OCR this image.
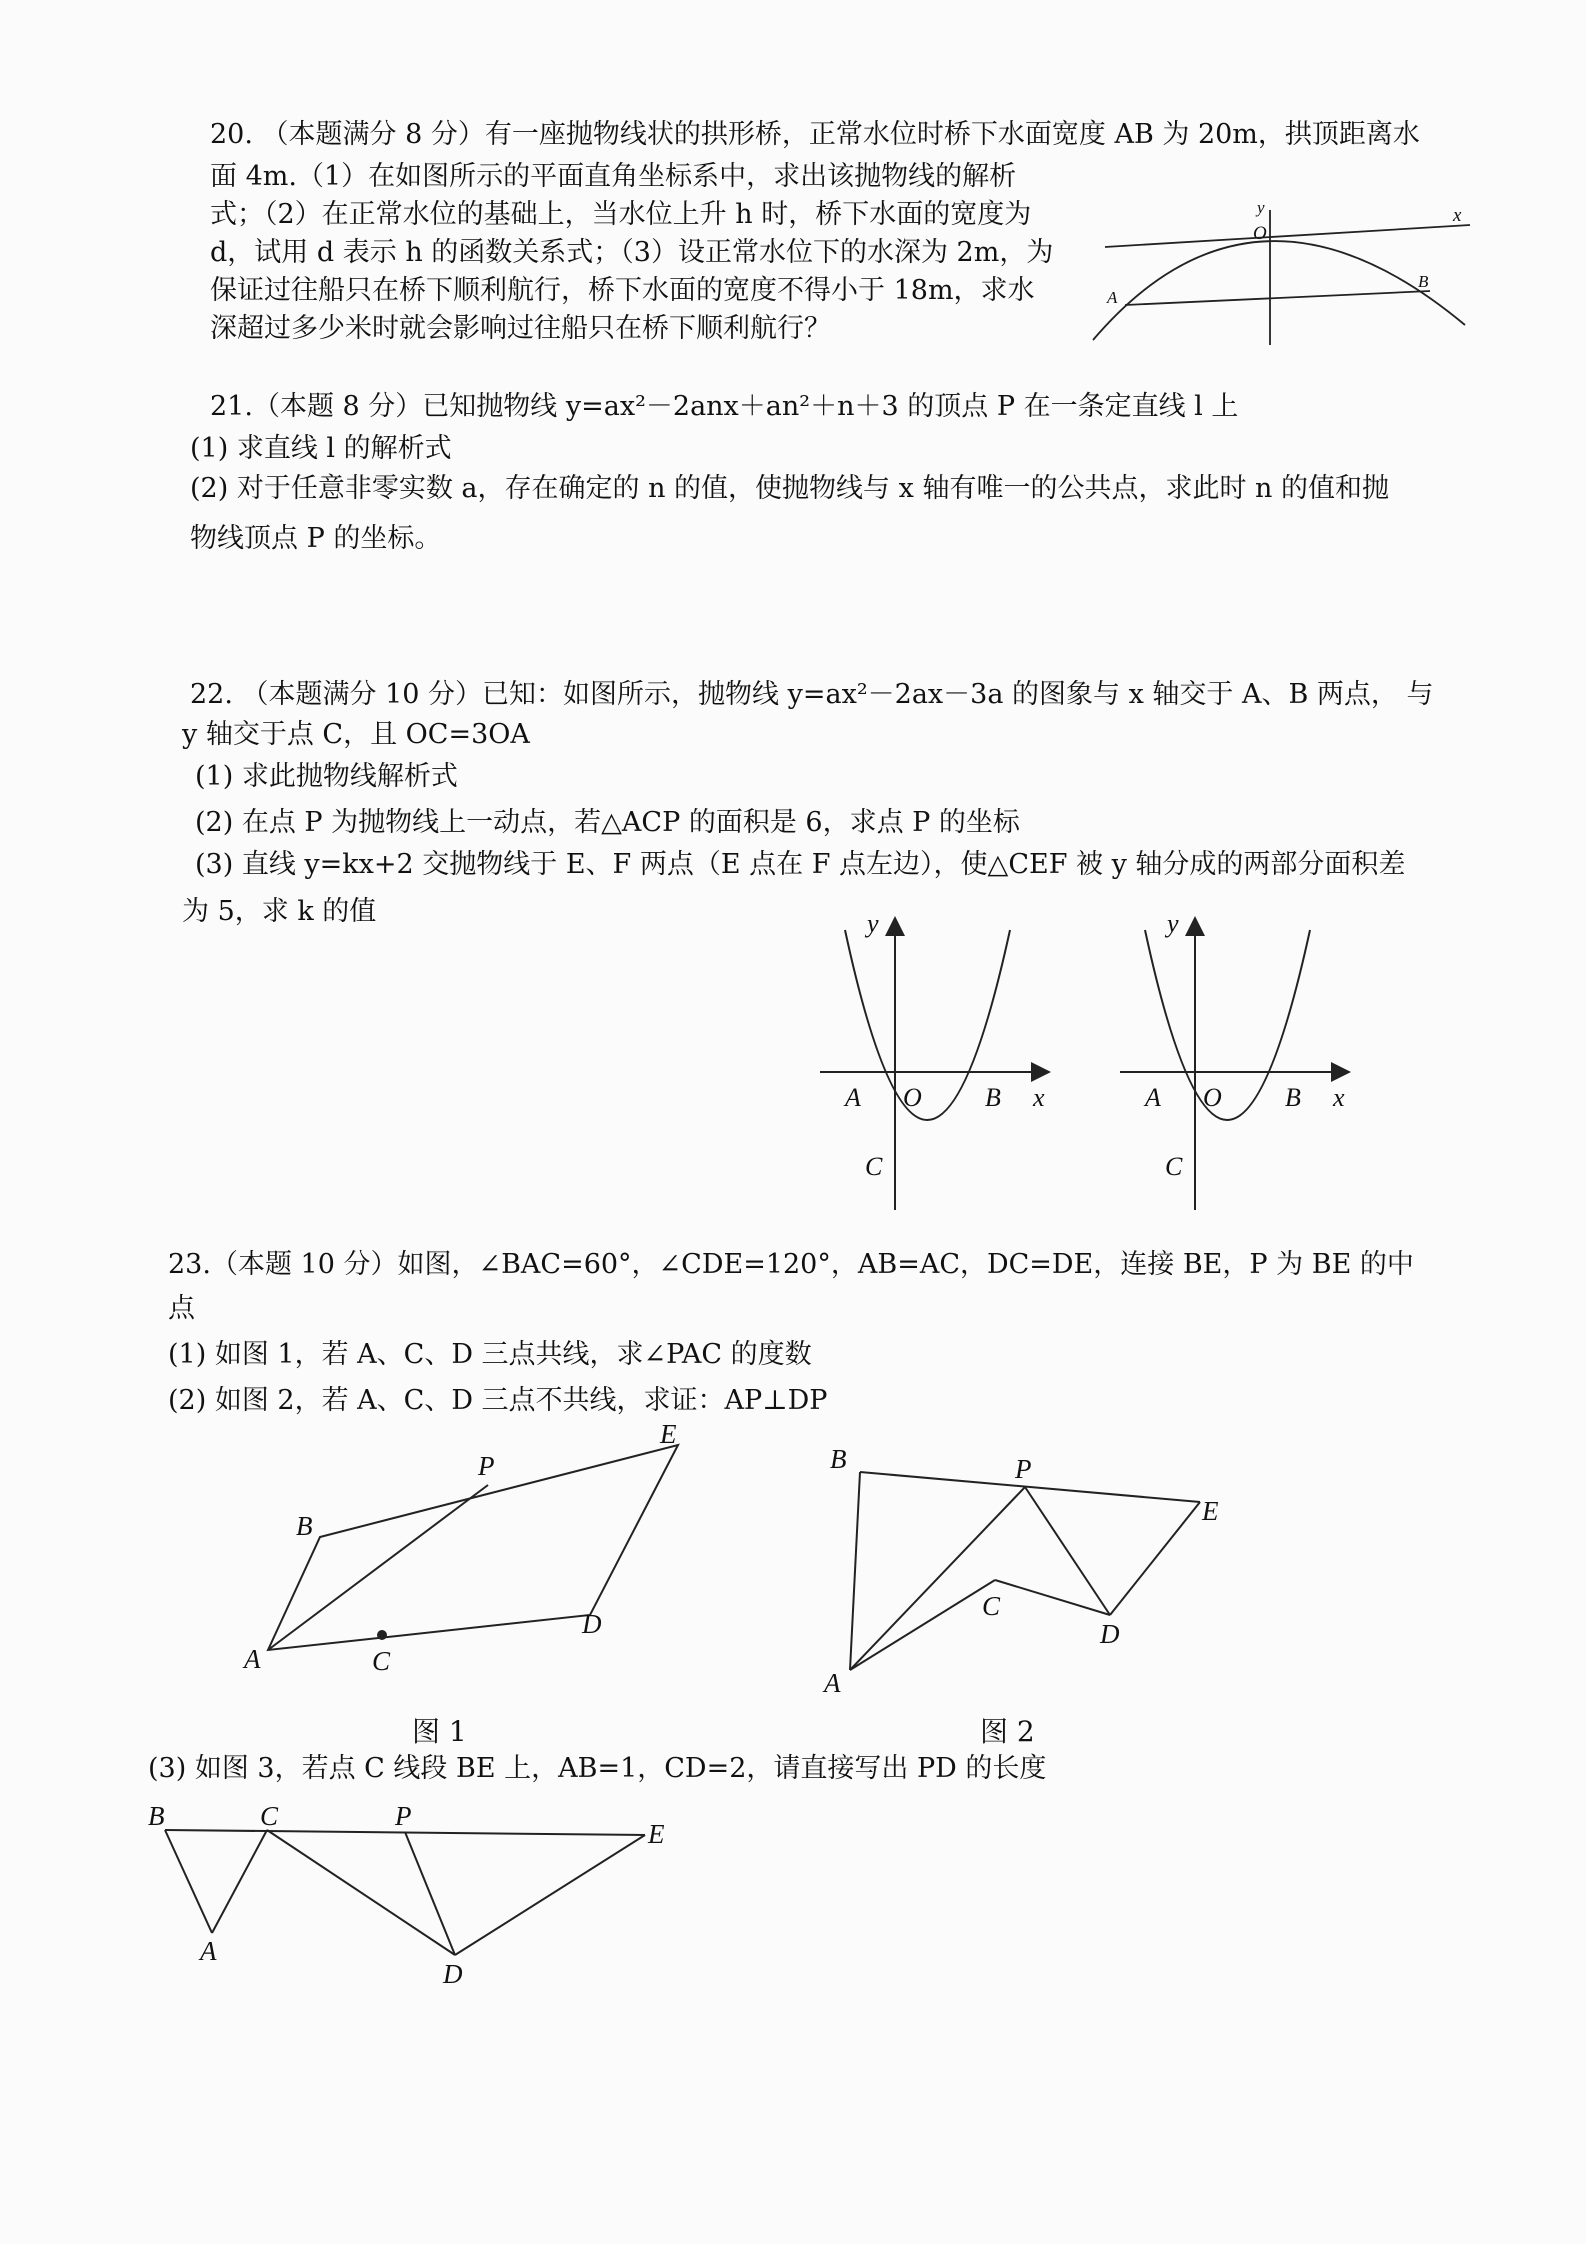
20. （本题满分 8 分）有一座抛物线状的拱形桥，正常水位时桥下水面宽度 AB 为 20m，拱顶距离水
面 4m.（1）在如图所示的平面直角坐标系中，求出该抛物线的解析
式；（2）在正常水位的基础上，当水位上升 h 时，桥下水面的宽度为
d，试用 d 表示 h 的函数关系式；（3）设正常水位下的水深为 2m，为
保证过往船只在桥下顺利航行，桥下水面的宽度不得小于 18m，求水
深超过多少米时就会影响过往船只在桥下顺利航行？
y
O
x
A
B
21.（本题 8 分）已知抛物线 y=ax²－2anx＋an²＋n＋3 的顶点 P 在一条定直线 l 上
(1) 求直线 l 的解析式
(2) 对于任意非零实数 a，存在确定的 n 的值，使抛物线与 x 轴有唯一的公共点，求此时 n 的值和抛
物线顶点 P 的坐标。
22. （本题满分 10 分）已知：如图所示，抛物线 y=ax²－2ax－3a 的图象与 x 轴交于 A、B 两点， 与
y 轴交于点 C，且 OC=3OA
(1) 求此抛物线解析式
(2) 在点 P 为抛物线上一动点，若△ACP 的面积是 6，求点 P 的坐标
(3) 直线 y=kx+2 交抛物线于 E、F 两点（E 点在 F 点左边），使△CEF 被 y 轴分成的两部分面积差
为 5，求 k 的值	y
x
A O B
C
y
x
A O B
C
23.（本题 10 分）如图，∠BAC=60°，∠CDE=120°，AB=AC，DC=DE，连接 BE，P 为 BE 的中
点
(1) 如图 1，若 A、C、D 三点共线，求∠PAC 的度数
(2) 如图 2，若 A、C、D 三点不共线，求证：AP⊥DP
A
B
P
E
D
C
图 1
B	P
E
C
D
A
图 2
(3) 如图 3，若点 C 线段 BE 上，AB=1，CD=2，请直接写出 PD 的长度
B	C	P
E
A
D
